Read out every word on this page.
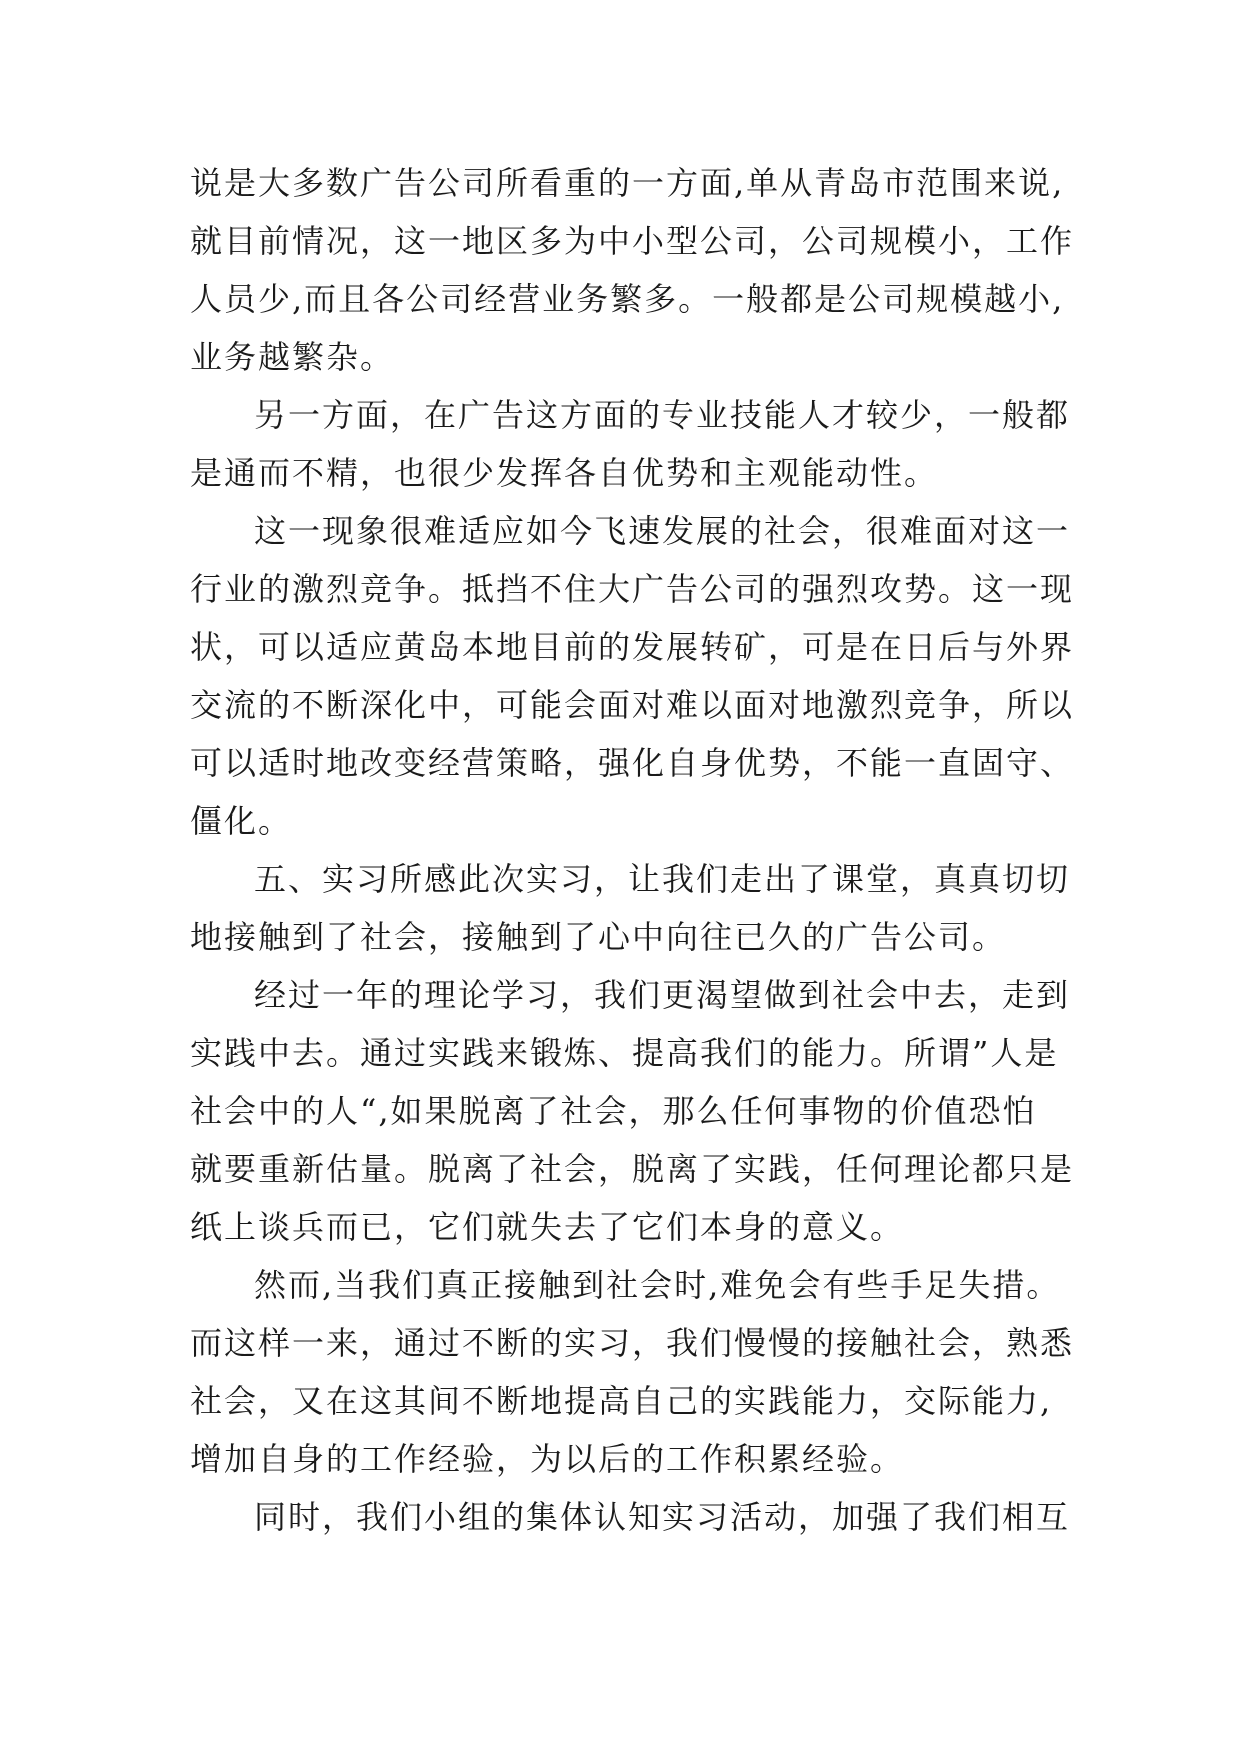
说是大多数广告公司所看重的一方面,单从青岛市范围来说,
就目前情况，这一地区多为中小型公司，公司规模小，工作
人员少,而且各公司经营业务繁多。一般都是公司规模越小,
业务越繁杂。
另一方面，在广告这方面的专业技能人才较少，一般都
是通而不精，也很少发挥各自优势和主观能动性。
这一现象很难适应如今飞速发展的社会，很难面对这一
行业的激烈竞争。抵挡不住大广告公司的强烈攻势。这一现
状，可以适应黄岛本地目前的发展转矿，可是在日后与外界
交流的不断深化中，可能会面对难以面对地激烈竞争，所以
可以适时地改变经营策略，强化自身优势，不能一直固守、
僵化。
五、实习所感此次实习，让我们走出了课堂，真真切切
地接触到了社会，接触到了心中向往已久的广告公司。
经过一年的理论学习，我们更渴望做到社会中去，走到
实践中去。通过实践来锻炼、提高我们的能力。所谓”人是
社会中的人“,如果脱离了社会，那么任何事物的价值恐怕
就要重新估量。脱离了社会，脱离了实践，任何理论都只是
纸上谈兵而已，它们就失去了它们本身的意义。
然而,当我们真正接触到社会时,难免会有些手足失措。
而这样一来，通过不断的实习，我们慢慢的接触社会，熟悉
社会，又在这其间不断地提高自己的实践能力，交际能力,
增加自身的工作经验，为以后的工作积累经验。
同时，我们小组的集体认知实习活动，加强了我们相互
